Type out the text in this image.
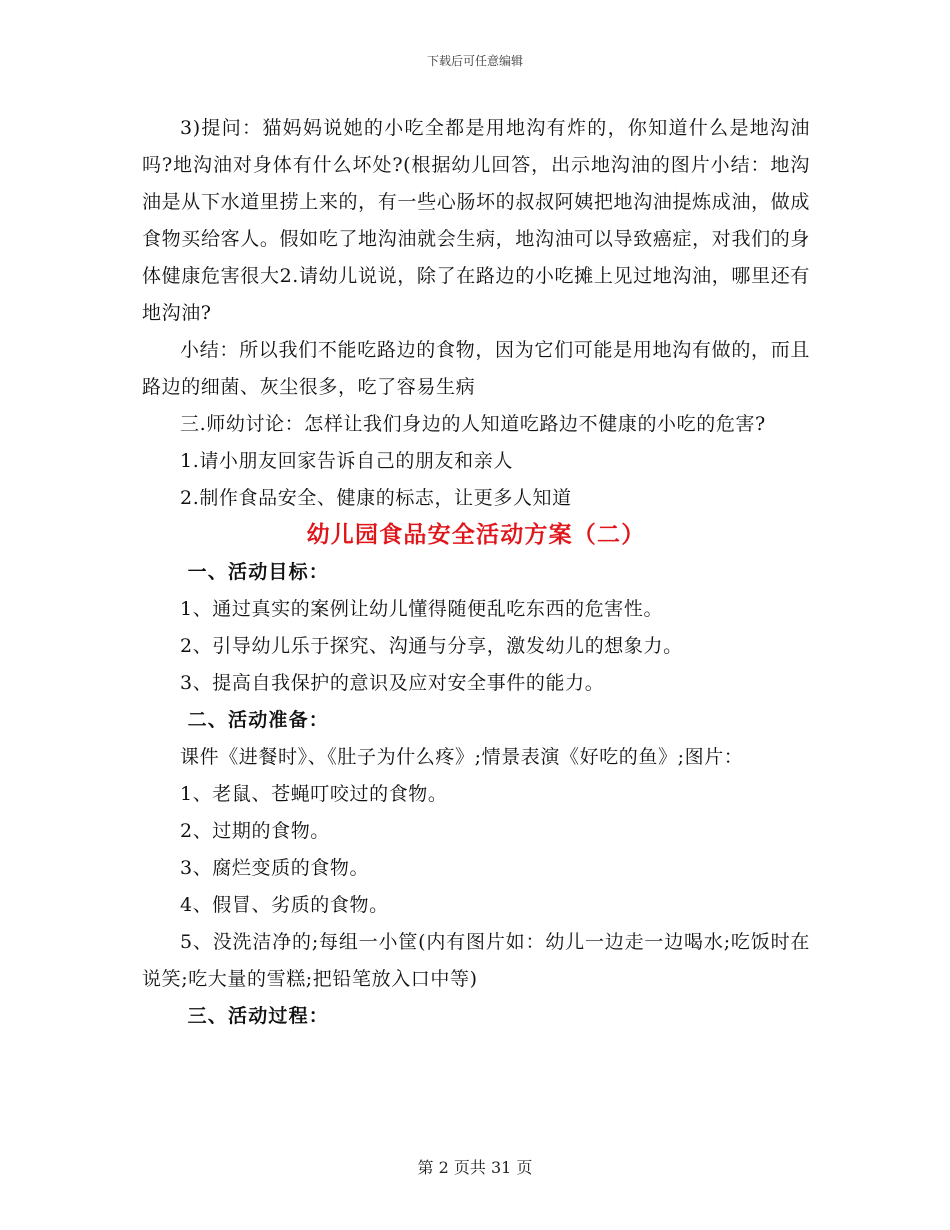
下载后可任意编辑

3)提问：猫妈妈说她的小吃全都是用地沟有炸的，你知道什么是地沟油吗?地沟油对身体有什么坏处?(根据幼儿回答，出示地沟油的图片小结：地沟油是从下水道里捞上来的，有一些心肠坏的叔叔阿姨把地沟油提炼成油，做成食物买给客人。假如吃了地沟油就会生病，地沟油可以导致癌症，对我们的身体健康危害很大2.请幼儿说说，除了在路边的小吃摊上见过地沟油，哪里还有地沟油?

小结：所以我们不能吃路边的食物，因为它们可能是用地沟有做的，而且路边的细菌、灰尘很多，吃了容易生病

三.师幼讨论：怎样让我们身边的人知道吃路边不健康的小吃的危害?

1.请小朋友回家告诉自己的朋友和亲人

2.制作食品安全、健康的标志，让更多人知道

幼儿园食品安全活动方案（二）
一、活动目标：

1、通过真实的案例让幼儿懂得随便乱吃东西的危害性。

2、引导幼儿乐于探究、沟通与分享，激发幼儿的想象力。

3、提高自我保护的意识及应对安全事件的能力。

二、活动准备：

课件《进餐时》、《肚子为什么疼》;情景表演《好吃的鱼》;图片：

1、老鼠、苍蝇叮咬过的食物。

2、过期的食物。

3、腐烂变质的食物。

4、假冒、劣质的食物。

5、没洗洁净的;每组一小筐(内有图片如：幼儿一边走一边喝水;吃饭时在说笑;吃大量的雪糕;把铅笔放入口中等)

三、活动过程：
第 2 页共 31 页
